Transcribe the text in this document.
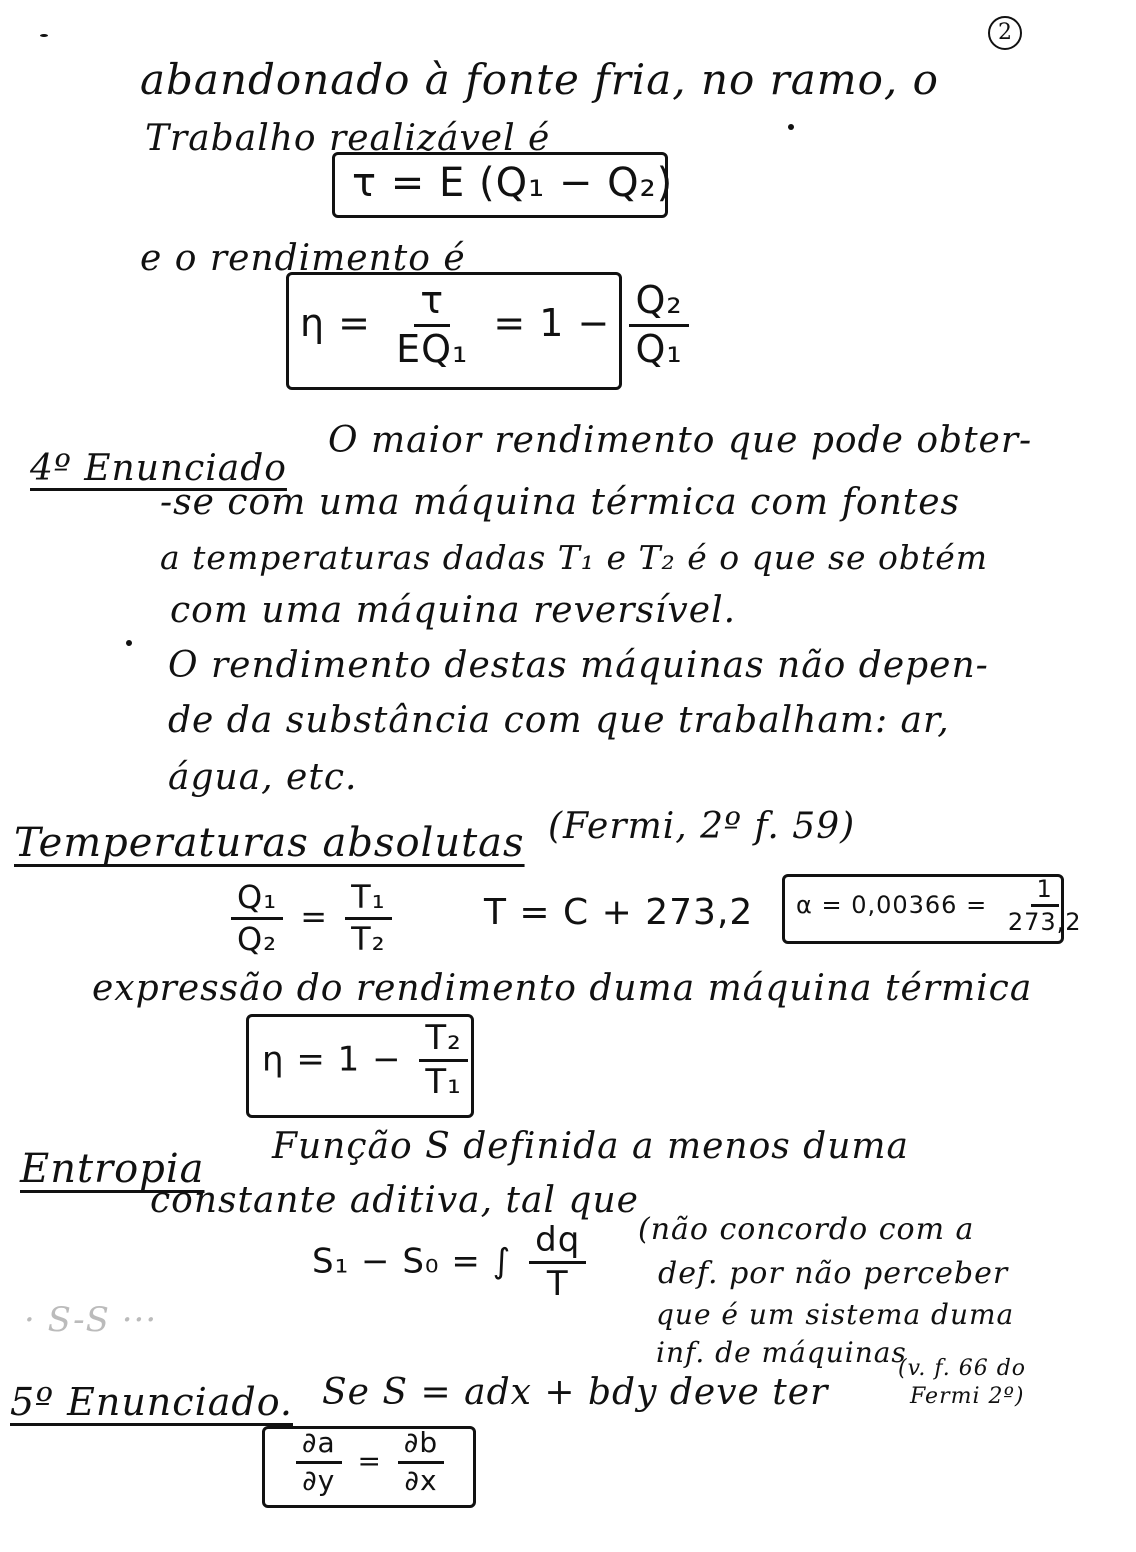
2
abandonado à fonte fria, no ramo, o
Trabalho realizável é
τ = E (Q₁ − Q₂)
e o rendimento é
$\eta = \frac{\tau}{\text{EQ₁}} = 1 - \frac{\text{Q₂}}{\text{Q₁}}$
4º Enunciado
O maior rendimento que pode obter-
-se com uma máquina térmica com fontes
a temperaturas dadas T₁ e T₂ é o que se obtém
com uma máquina reversível.
O rendimento destas máquinas não depen-
de da substância com que trabalham: ar,
água, etc.
Temperaturas absolutas (Fermi, 2º f. 59)
$\frac{\text{Q₁}}{\text{Q₂}} = \frac{\text{T₁}}{\text{T₂}}$	T = C + 273,2 $\alpha = 0,00366 = \frac{1}{273,2}$
expressão do rendimento duma máquina térmica
$\eta = 1 - \frac{\text{T₂}}{\text{T₁}}$
Entropia Função S definida a menos duma
constante aditiva, tal que
S₁ − S₀ = ∫ $\frac{dq}{T}$ (não concordo com a
def. por não perceber
que é um sistema duma
inf. de máquinas
(v. f. 66 do
Fermi 2º)
· S-S ···
5º Enunciado. Se S = adx + bdy deve ter
$\frac{\partial a}{\partial y} = \frac{\partial b}{\partial x}$
